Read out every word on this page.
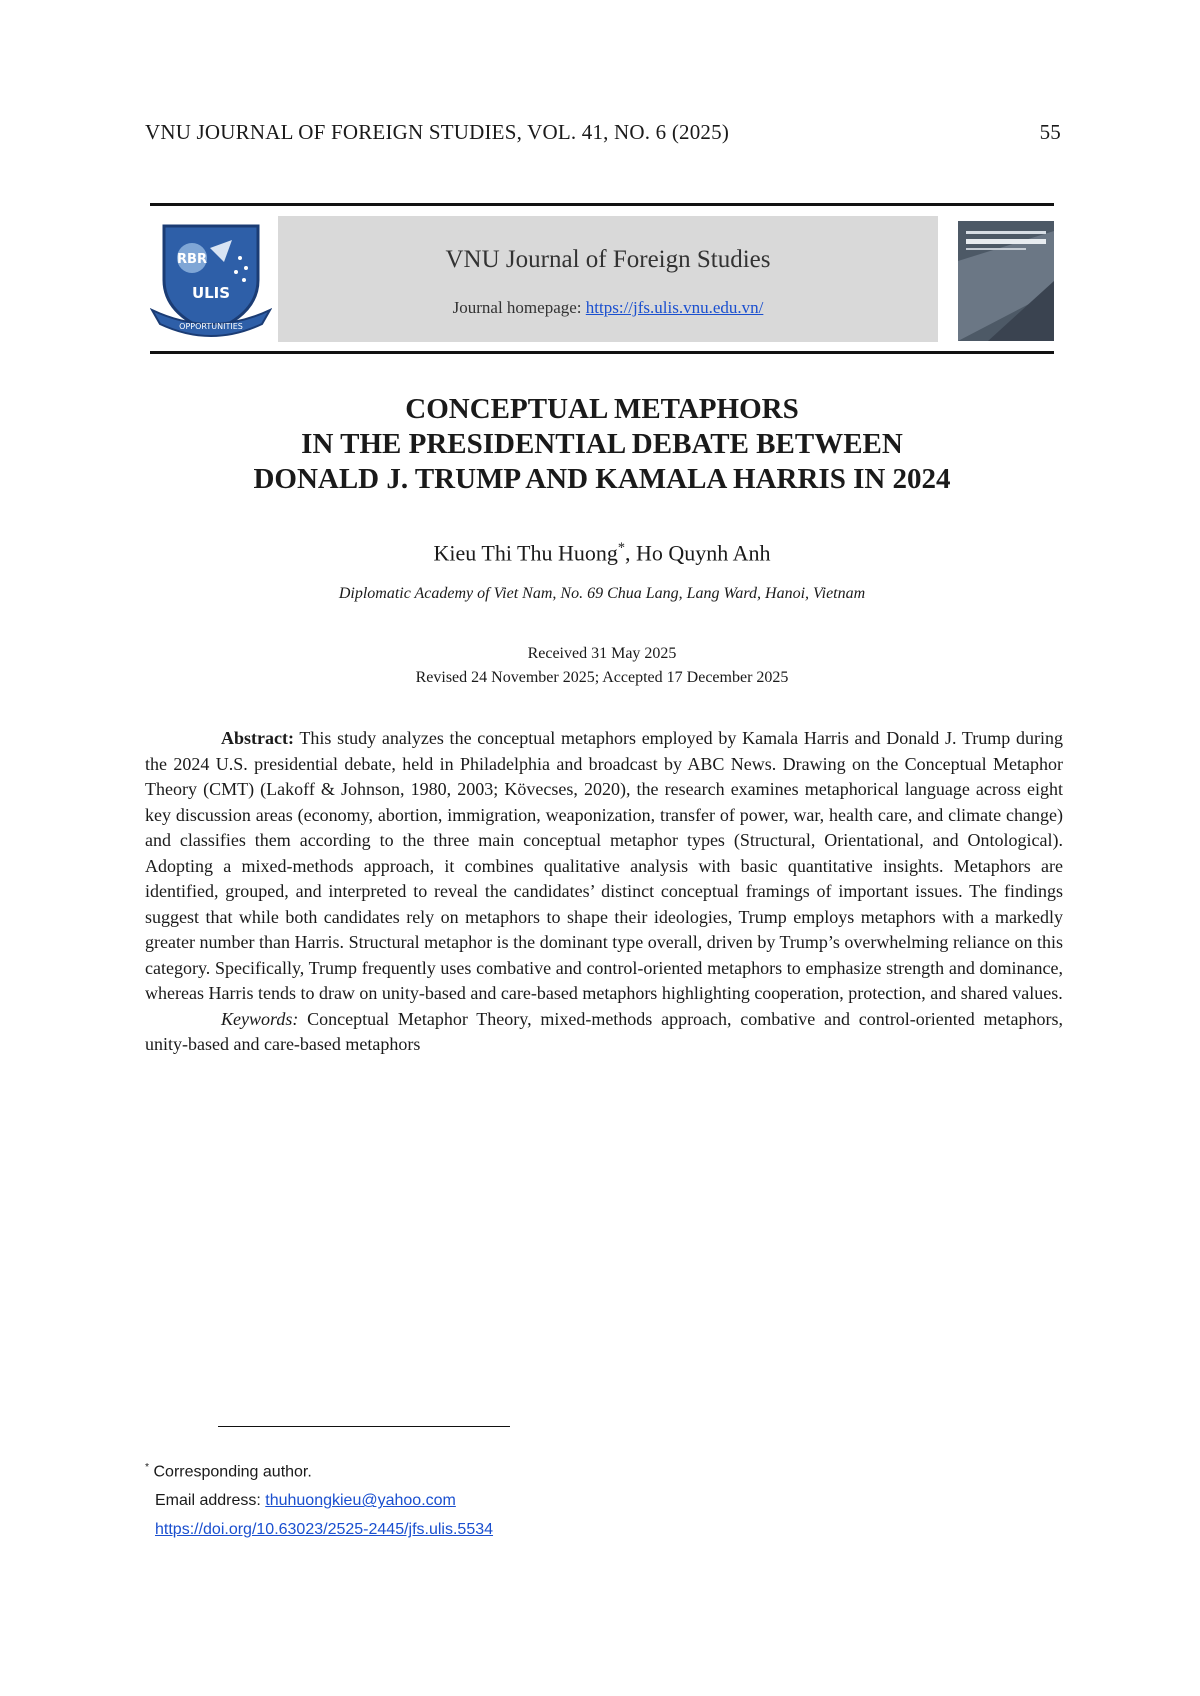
VNU JOURNAL OF FOREIGN STUDIES, VOL. 41, NO. 6 (2025)	55
RBR
ULIS
OPPORTUNITIES
VNU Journal of Foreign Studies
Journal homepage: https://jfs.ulis.vnu.edu.vn/
CONCEPTUAL METAPHORS
IN THE PRESIDENTIAL DEBATE BETWEEN
DONALD J. TRUMP AND KAMALA HARRIS IN 2024
Kieu Thi Thu Huong*, Ho Quynh Anh
Diplomatic Academy of Viet Nam, No. 69 Chua Lang, Lang Ward, Hanoi, Vietnam
Received 31 May 2025
Revised 24 November 2025; Accepted 17 December 2025

Abstract: This study analyzes the conceptual metaphors employed by Kamala Harris and Donald J. Trump during the 2024 U.S. presidential debate, held in Philadelphia and broadcast by ABC News. Drawing on the Conceptual Metaphor Theory (CMT) (Lakoff & Johnson, 1980, 2003; Kövecses, 2020), the research examines metaphorical language across eight key discussion areas (economy, abortion, immigration, weaponization, transfer of power, war, health care, and climate change) and classifies them according to the three main conceptual metaphor types (Structural, Orientational, and Ontological). Adopting a mixed-methods approach, it combines qualitative analysis with basic quantitative insights. Metaphors are identified, grouped, and interpreted to reveal the candidates’ distinct conceptual framings of important issues. The findings suggest that while both candidates rely on metaphors to shape their ideologies, Trump employs metaphors with a markedly greater number than Harris. Structural metaphor is the dominant type overall, driven by Trump’s overwhelming reliance on this category. Specifically, Trump frequently uses combative and control-oriented metaphors to emphasize strength and dominance, whereas Harris tends to draw on unity-based and care-based metaphors highlighting cooperation, protection, and shared values.

Keywords: Conceptual Metaphor Theory, mixed-methods approach, combative and control-oriented metaphors, unity-based and care-based metaphors

* Corresponding author.
Email address: thuhuongkieu@yahoo.com
https://doi.org/10.63023/2525-2445/jfs.ulis.5534
